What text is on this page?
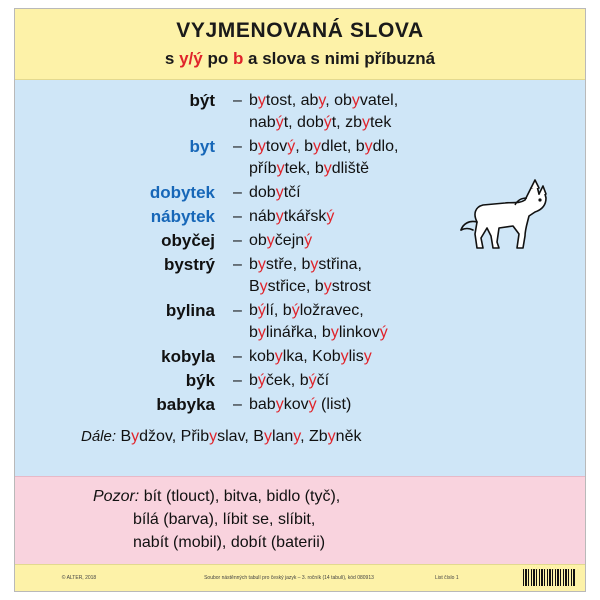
VYJMENOVANÁ SLOVA
s y/ý po b a slova s nimi příbuzná
být	– bytost, aby, obyvatel,
nabýt, dobýt, zbytek
byt	– bytový, bydlet, bydlo,
příbytek, bydliště
dobytek	– dobytčí
nábytek	– nábytkářský
obyčej	– obyčejný
bystrý	– bystře, bystřina,
Bystřice, bystrost
bylina	– býlí, býložravec,
bylinářka, bylinkový
kobyla	– kobylka, Kobylisy
býk	– býček, býčí
babyka	– babykový (list)
Dále: Bydžov, Přibyslav, Bylany, Zbyněk
Pozor: bít (tlouct), bitva, bidlo (tyč),
bílá (barva), líbit se, slíbit,
nabít (mobil), dobít (baterii)
© ALTER, 2018	Soubor nástěnných tabulí pro český jazyk – 3. ročník (14 tabulí), kód 080913	List číslo 1
